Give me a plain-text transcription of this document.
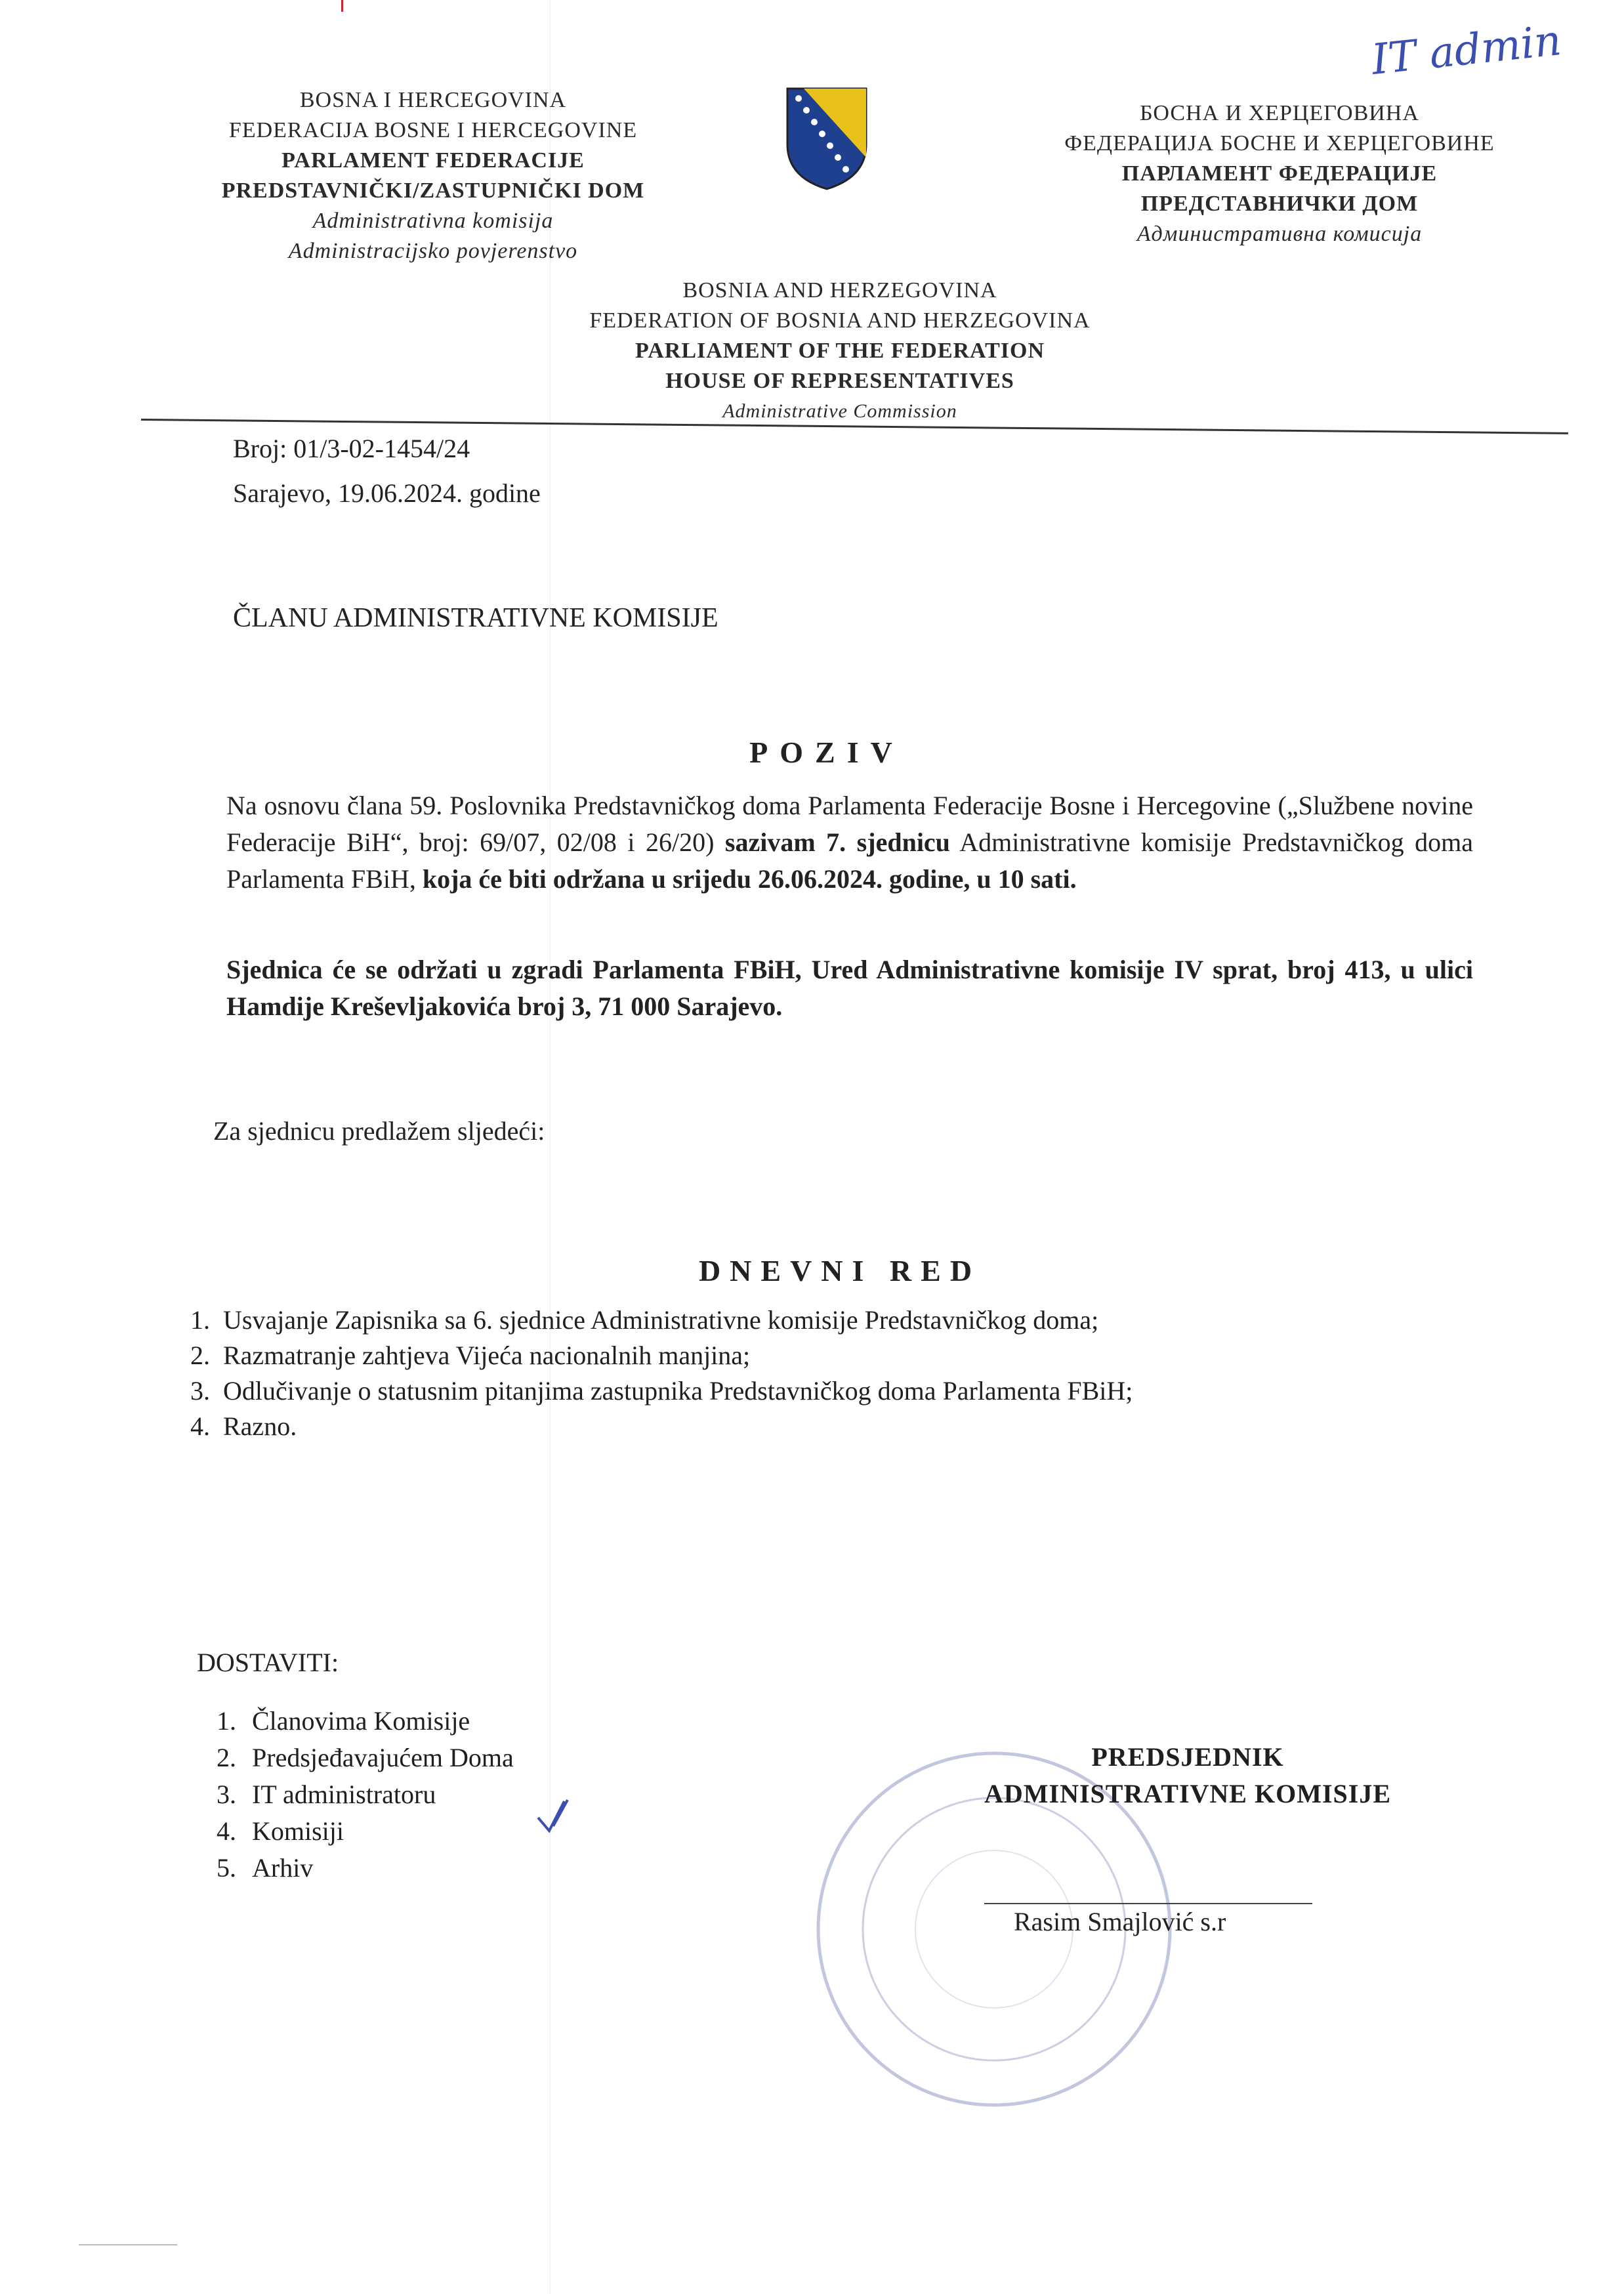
IT admin
BOSNA I HERCEGOVINA
FEDERACIJA BOSNE I HERCEGOVINE
PARLAMENT FEDERACIJE
PREDSTAVNIČKI/ZASTUPNIČKI DOM
Administrativna komisija
Administracijsko povjerenstvo
БОСНА И ХЕРЦЕГОВИНА
ФЕДЕРАЦИЈА БОСНЕ И ХЕРЦЕГОВИНЕ
ПАРЛАМЕНТ ФЕДЕРАЦИЈЕ
ПРЕДСТАВНИЧКИ ДОМ
Административна комисија
BOSNIA AND HERZEGOVINA
FEDERATION OF BOSNIA AND HERZEGOVINA
PARLIAMENT OF THE FEDERATION
HOUSE OF REPRESENTATIVES
Administrative Commission
Broj: 01/3-02-1454/24
Sarajevo, 19.06.2024. godine
ČLANU ADMINISTRATIVNE KOMISIJE
POZIV
Na osnovu člana 59. Poslovnika Predstavničkog doma Parlamenta Federacije Bosne i Hercegovine („Službene novine Federacije BiH“, broj: 69/07, 02/08 i 26/20) sazivam 7. sjednicu Administrativne komisije Predstavničkog doma Parlamenta FBiH, koja će biti održana u srijedu 26.06.2024. godine, u 10 sati.
Sjednica će se održati u zgradi Parlamenta FBiH, Ured Administrativne komisije IV sprat, broj 413, u ulici Hamdije Kreševljakovića broj 3, 71 000 Sarajevo.
Za sjednicu predlažem sljedeći:
DNEVNI RED
1. Usvajanje Zapisnika sa 6. sjednice Administrativne komisije Predstavničkog doma;
2. Razmatranje zahtjeva Vijeća nacionalnih manjina;
3. Odlučivanje o statusnim pitanjima zastupnika Predstavničkog doma Parlamenta FBiH;
4. Razno.
DOSTAVITI:
1. Članovima Komisije
2. Predsjeđavajućem Doma
3. IT administratoru
4. Komisiji
5. Arhiv
PREDSJEDNIK
ADMINISTRATIVNE KOMISIJE
Rasim Smajlović s.r
